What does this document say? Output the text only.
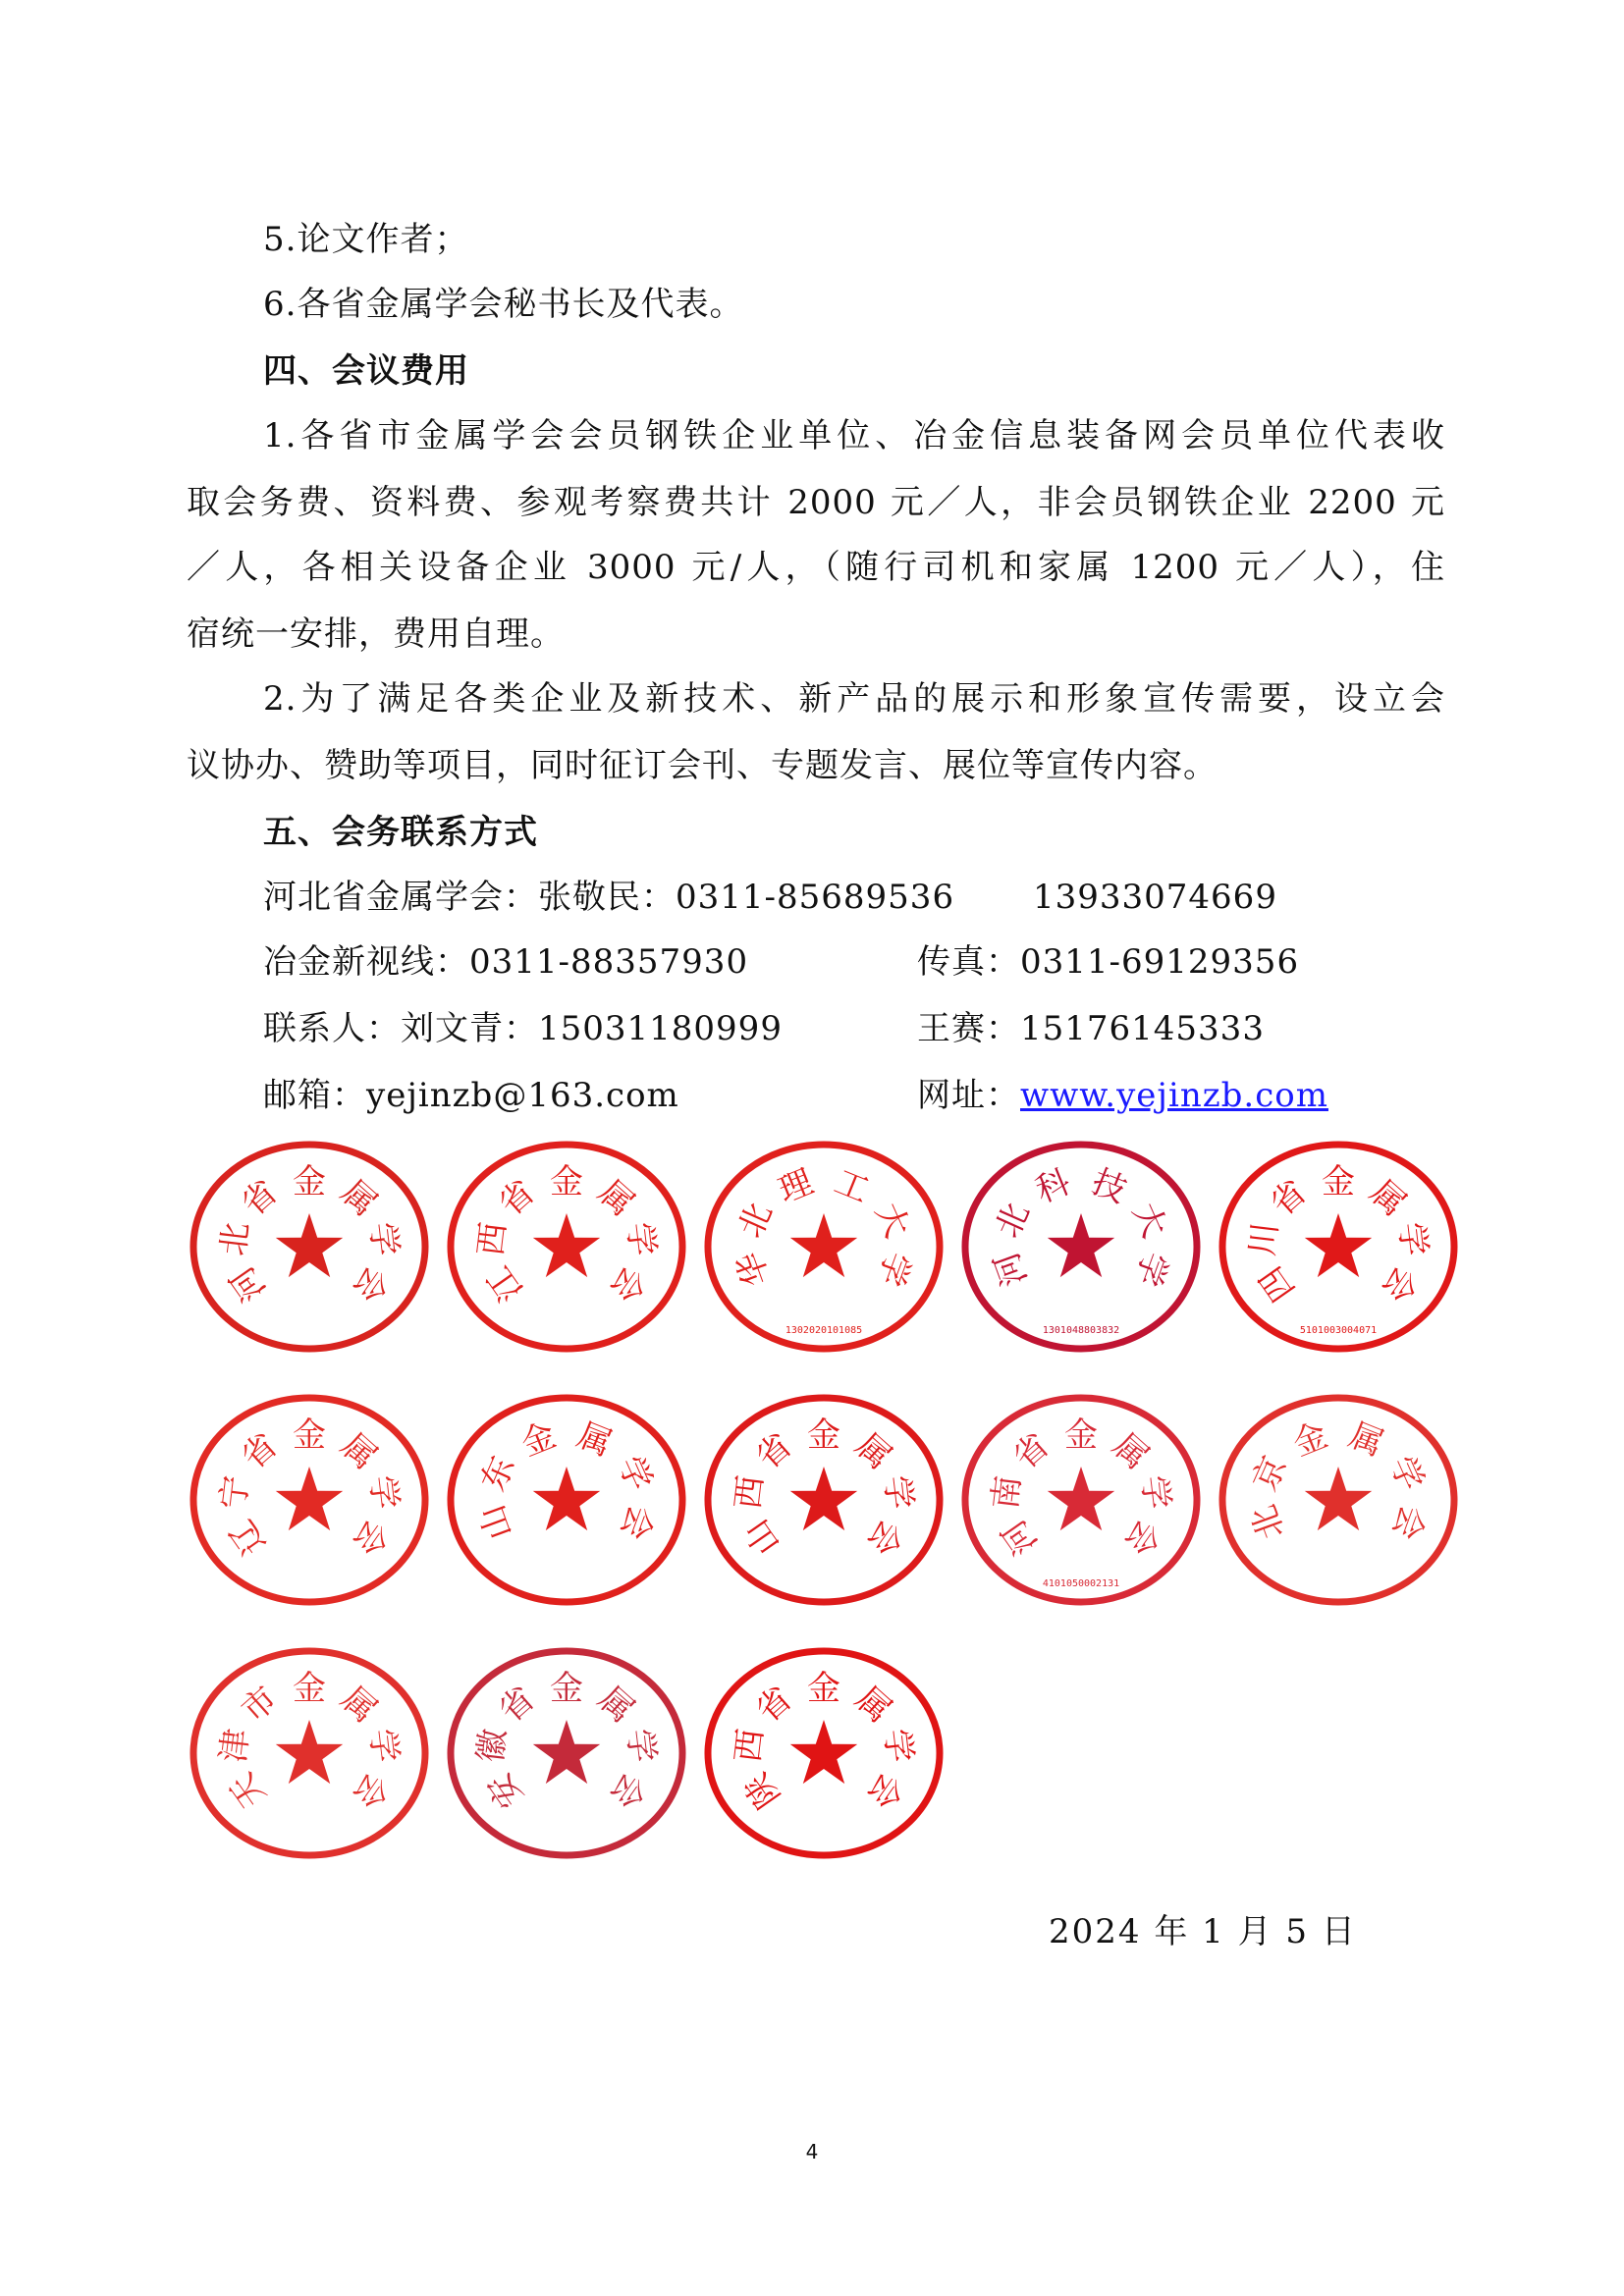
5.论文作者；
6.各省金属学会秘书长及代表。
四、会议费用
1.各省市金属学会会员钢铁企业单位、冶金信息装备网会员单位代表收
取会务费、资料费、参观考察费共计 2000 元／人，非会员钢铁企业 2200 元
／人，各相关设备企业 3000 元/人，（随行司机和家属 1200 元／人），住
宿统一安排，费用自理。
2.为了满足各类企业及新技术、新产品的展示和形象宣传需要，设立会
议协办、赞助等项目，同时征订会刊、专题发言、展位等宣传内容。
五、会务联系方式
河北省金属学会：张敬民：0311-85689536 13933074669
冶金新视线：0311-88357930	传真：0311-69129356
联系人：刘文青：15031180999	王赛：15176145333
邮箱：yejinzb@163.com	网址：www.yejinzb.com
河
北
省 金 属
学
会	江
西
省 金 属
学
会 华
北
理 工
大
学
1302020101085
河
北
科 技
大
学
1301048803832
四
川
省 金 属
学
会
5101003004071
辽
宁
省 金 属
学
会 山
东
金 属
学
会 山
西
省 金 属
学
会	河
南
省 金 属
学
会
4101050002131
北
京
金 属
学
会
天
津
市 金 属
学
会	安
徽
省 金 属
学
会	陕
西
省 金 属
学
会
2024 年 1 月 5 日
4
